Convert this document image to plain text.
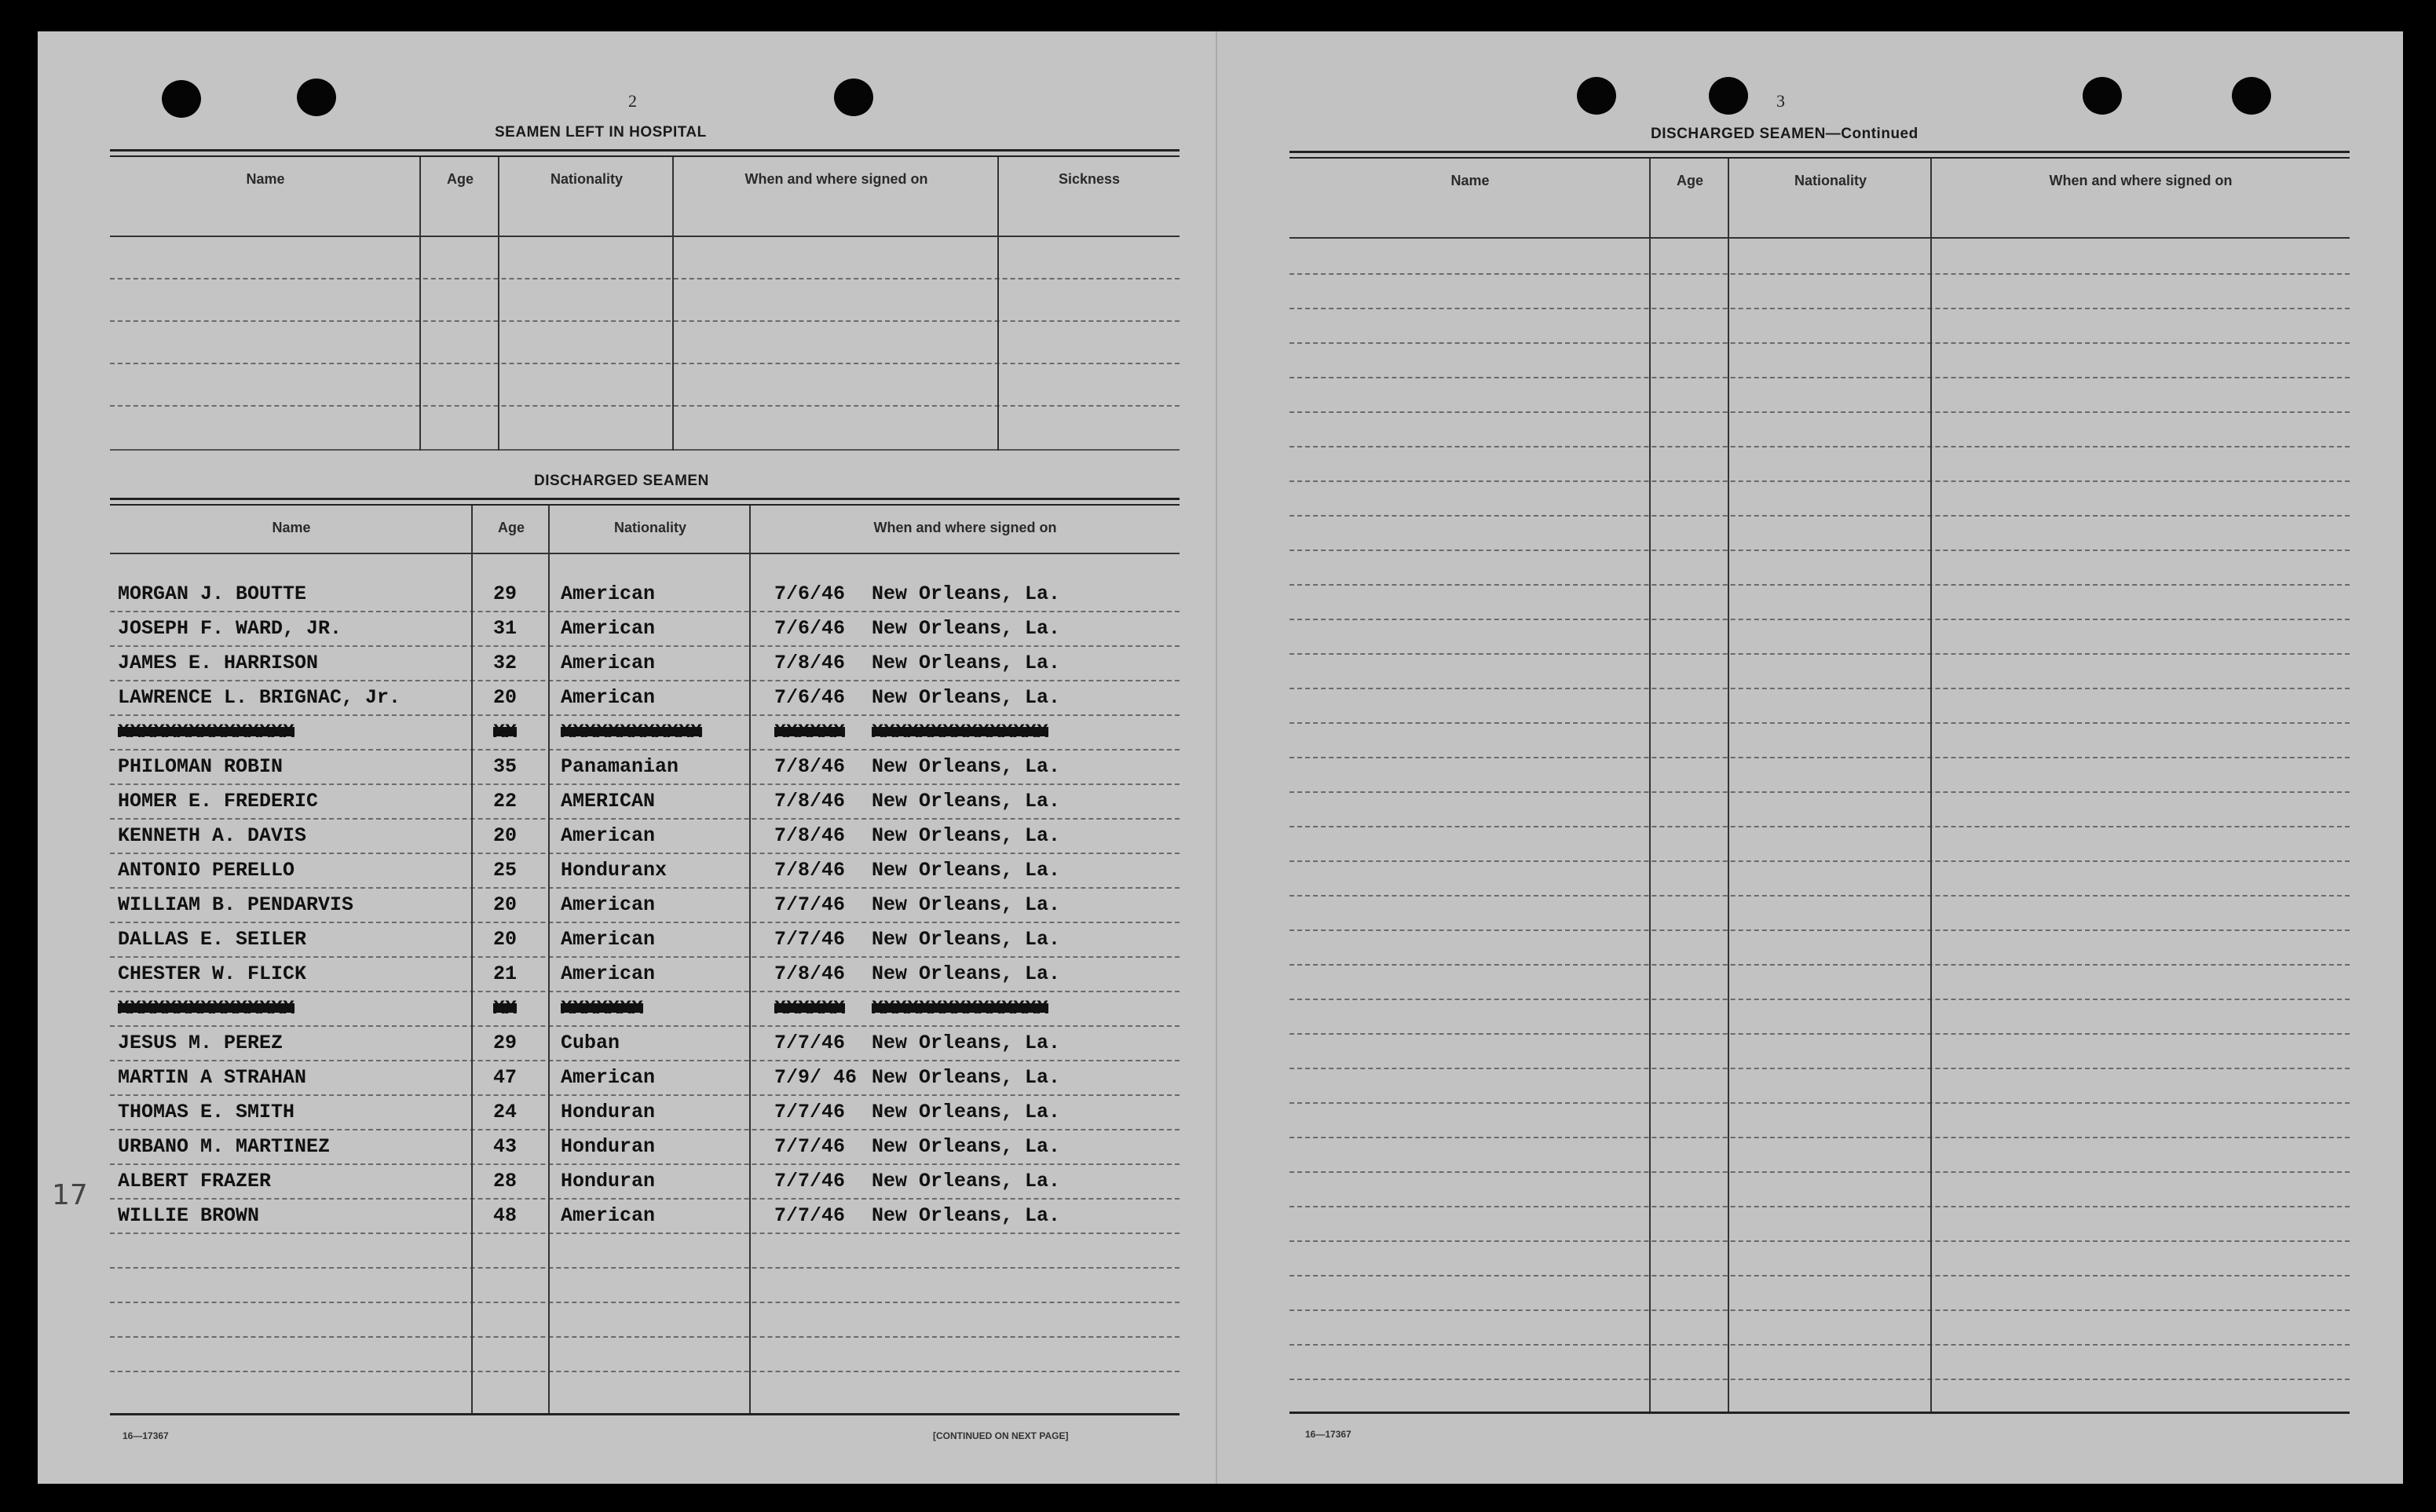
2
SEAMEN LEFT IN HOSPITAL
Name	Age	Nationality	When and where signed on	Sickness
DISCHARGED SEAMEN
Name	Age	Nationality	When and where signed on
MORGAN J. BOUTTE	29 American	7/6/46 New Orleans, La.
JOSEPH F. WARD, JR.	31 American	7/6/46 New Orleans, La.
JAMES E. HARRISON	32 American	7/8/46 New Orleans, La.
LAWRENCE L. BRIGNAC, Jr.	20 American	7/6/46 New Orleans, La.
XXXXXXXXXXXXXXX	XX XXXXXXXXXXXX	XXXXXX XXXXXXXXXXXXXXX
PHILOMAN ROBIN	35 Panamanian	7/8/46 New Orleans, La.
HOMER E. FREDERIC	22 AMERICAN	7/8/46 New Orleans, La.
KENNETH A. DAVIS	20 American	7/8/46 New Orleans, La.
ANTONIO PERELLO	25 Honduranx	7/8/46 New Orleans, La.
WILLIAM B. PENDARVIS	20 American	7/7/46 New Orleans, La.
DALLAS E. SEILER	20 American	7/7/46 New Orleans, La.
CHESTER W. FLICK	21 American	7/8/46 New Orleans, La.
XXXXXXXXXXXXXXX	XX XXXXXXX	XXXXXX XXXXXXXXXXXXXXX
JESUS M. PEREZ	29 Cuban	7/7/46 New Orleans, La.
MARTIN A STRAHAN	47 American	7/9/ 46 New Orleans, La.
THOMAS E. SMITH	24 Honduran	7/7/46 New Orleans, La.
URBANO M. MARTINEZ	43 Honduran	7/7/46 New Orleans, La.
ALBERT FRAZER	28 Honduran	7/7/46 New Orleans, La.
WILLIE BROWN	48 American	7/7/46 New Orleans, La.
17
16—17367	[CONTINUED ON NEXT PAGE]
3
DISCHARGED SEAMEN—Continued
Name	Age	Nationality	When and where signed on
16—17367
